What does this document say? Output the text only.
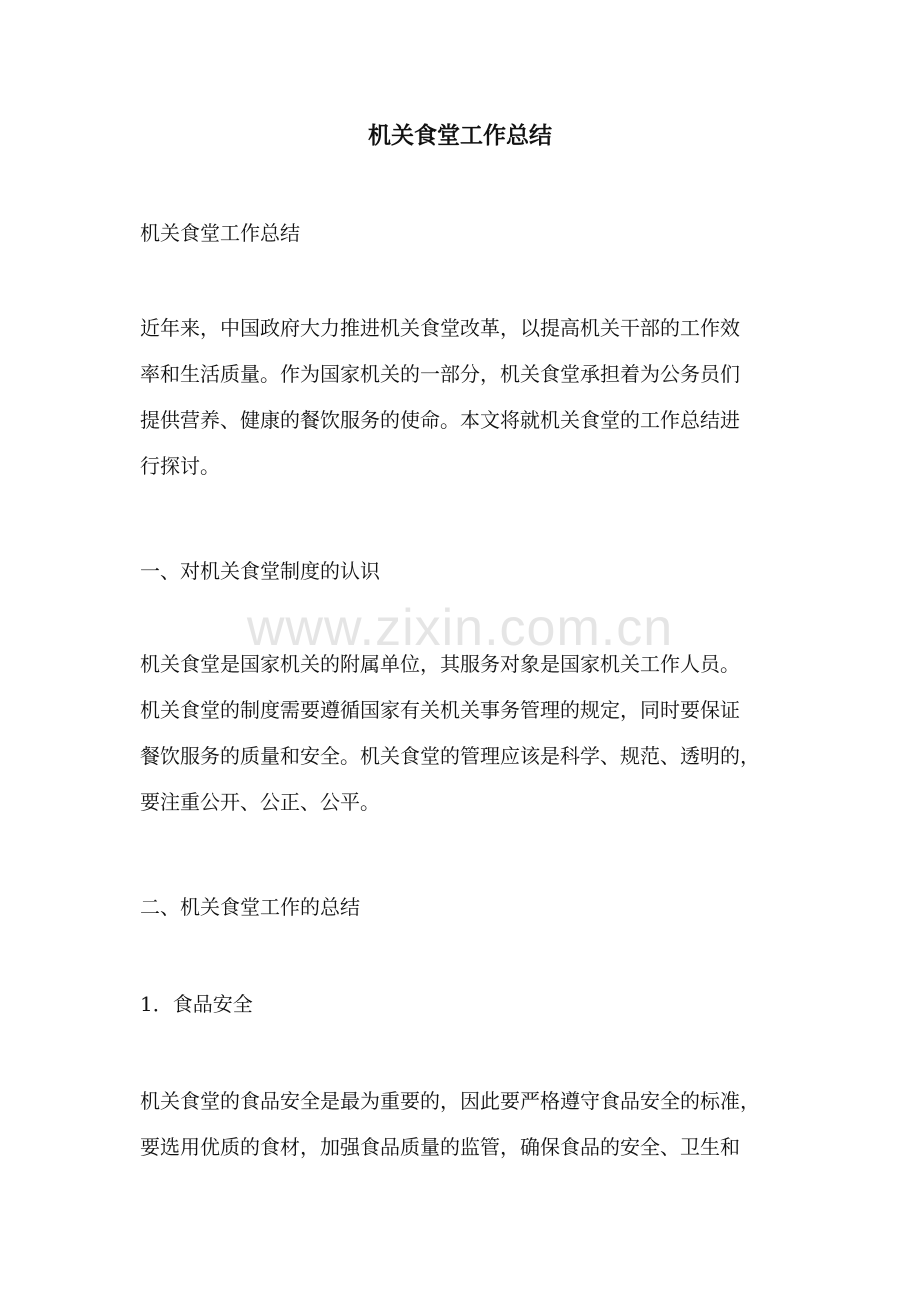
机关食堂工作总结

机关食堂工作总结

近年来，中国政府大力推进机关食堂改革，以提高机关干部的工作效
率和生活质量。作为国家机关的一部分，机关食堂承担着为公务员们
提供营养、健康的餐饮服务的使命。本文将就机关食堂的工作总结进
行探讨。

一、对机关食堂制度的认识

机关食堂是国家机关的附属单位，其服务对象是国家机关工作人员。
机关食堂的制度需要遵循国家有关机关事务管理的规定，同时要保证
餐饮服务的质量和安全。机关食堂的管理应该是科学、规范、透明的，
要注重公开、公正、公平。

二、机关食堂工作的总结

1．食品安全

机关食堂的食品安全是最为重要的，因此要严格遵守食品安全的标准，
要选用优质的食材，加强食品质量的监管，确保食品的安全、卫生和

www.zixin.com.cn
